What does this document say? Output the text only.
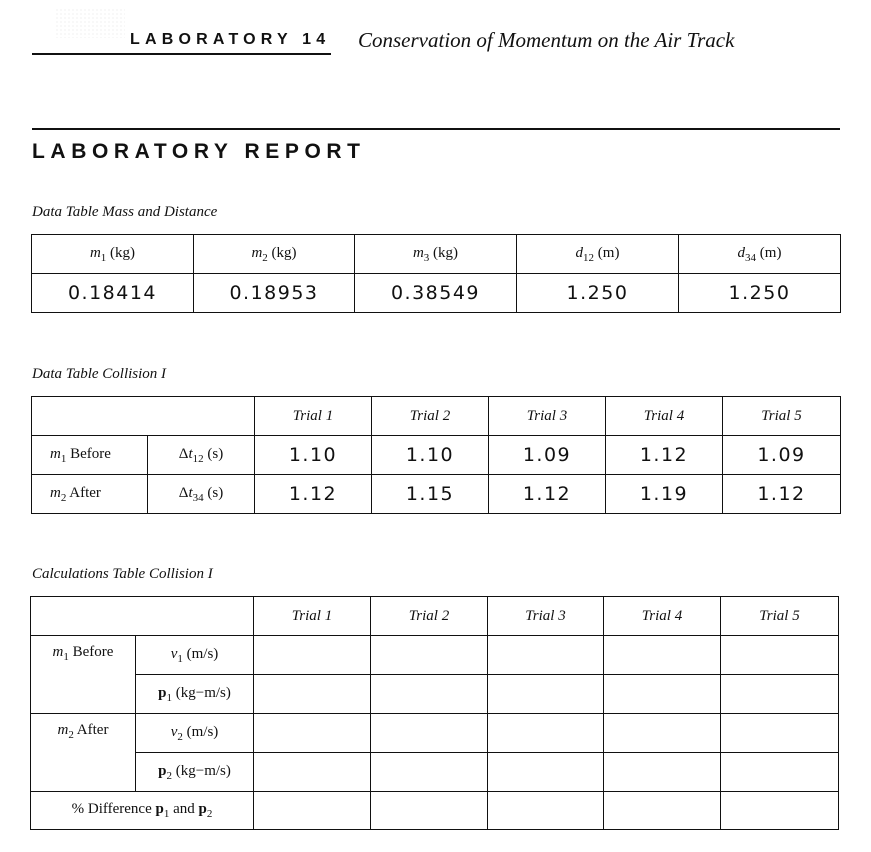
LABORATORY 14 Conservation of Momentum on the Air Track
LABORATORY REPORT
Data Table Mass and Distance
$m_1$ (kg)	$m_2$ (kg)	$m_3$ (kg)	$d_{12}$ (m)	$d_{34}$ (m)
0.18414	0.18953	0.38549	1.250	1.250
Data Table Collision I
		Trial 1	Trial 2	Trial 3	Trial 4	Trial 5
$m_1$ Before	$\Delta t_{12}$ (s)	1.10	1.10	1.09	1.12	1.09
$m_2$ After	$\Delta t_{34}$ (s)	1.12	1.15	1.12	1.19	1.12
Calculations Table Collision I
		Trial 1	Trial 2	Trial 3	Trial 4	Trial 5
$m_1$ Before	$v_1$ (m/s)					
	$p_1$ (kg−m/s)					
$m_2$ After	$v_2$ (m/s)					
	$p_2$ (kg−m/s)					
% Difference $p_1$ and $p_2$					
